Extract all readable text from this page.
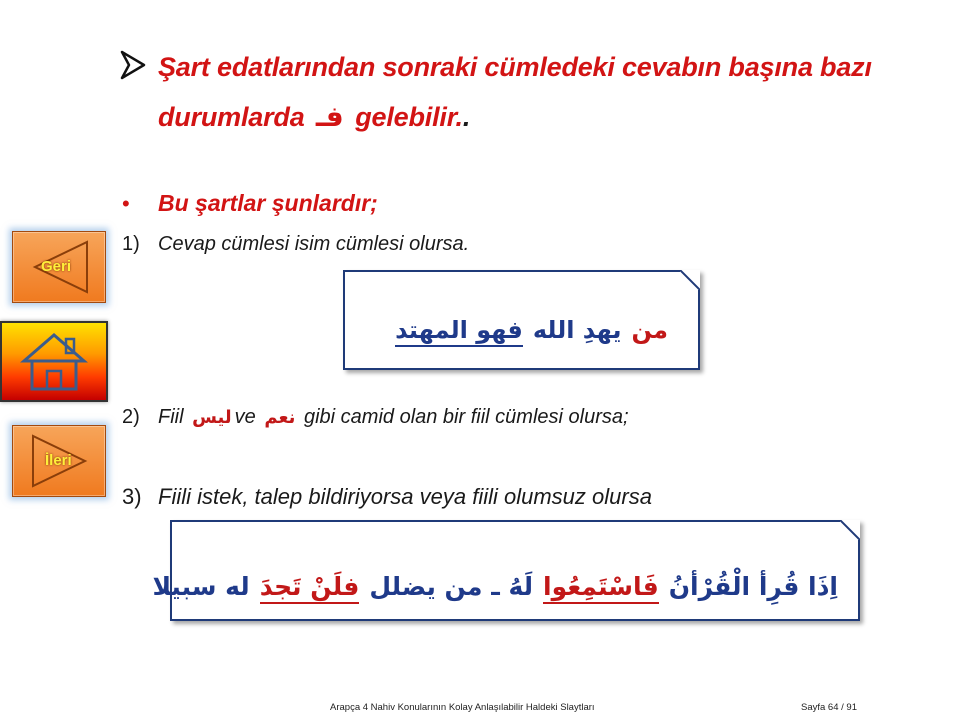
Şart edatlarından sonraki cümledeki cevabın başına bazı
durumlarda فـ gelebilir..
• Bu şartlar şunlardır;
1) Cevap cümlesi isim cümlesi olursa.
منيهدِ اللهفهو المهتد
2) Fiil ليس ve نعم gibi camid olan bir fiil cümlesi olursa;
3) Fiili istek, talep bildiriyorsa veya fiili olumsuz olursa
اِذَا قُرِأ الْقُرْأنُفَاسْتَمِعُوالَهُ ـ من يضللفلَنْ تَجدَله سبيلا
Geri
İleri
Arapça 4 Nahiv Konularının Kolay Anlaşılabilir Haldeki Slaytları	Sayfa 64 / 91
